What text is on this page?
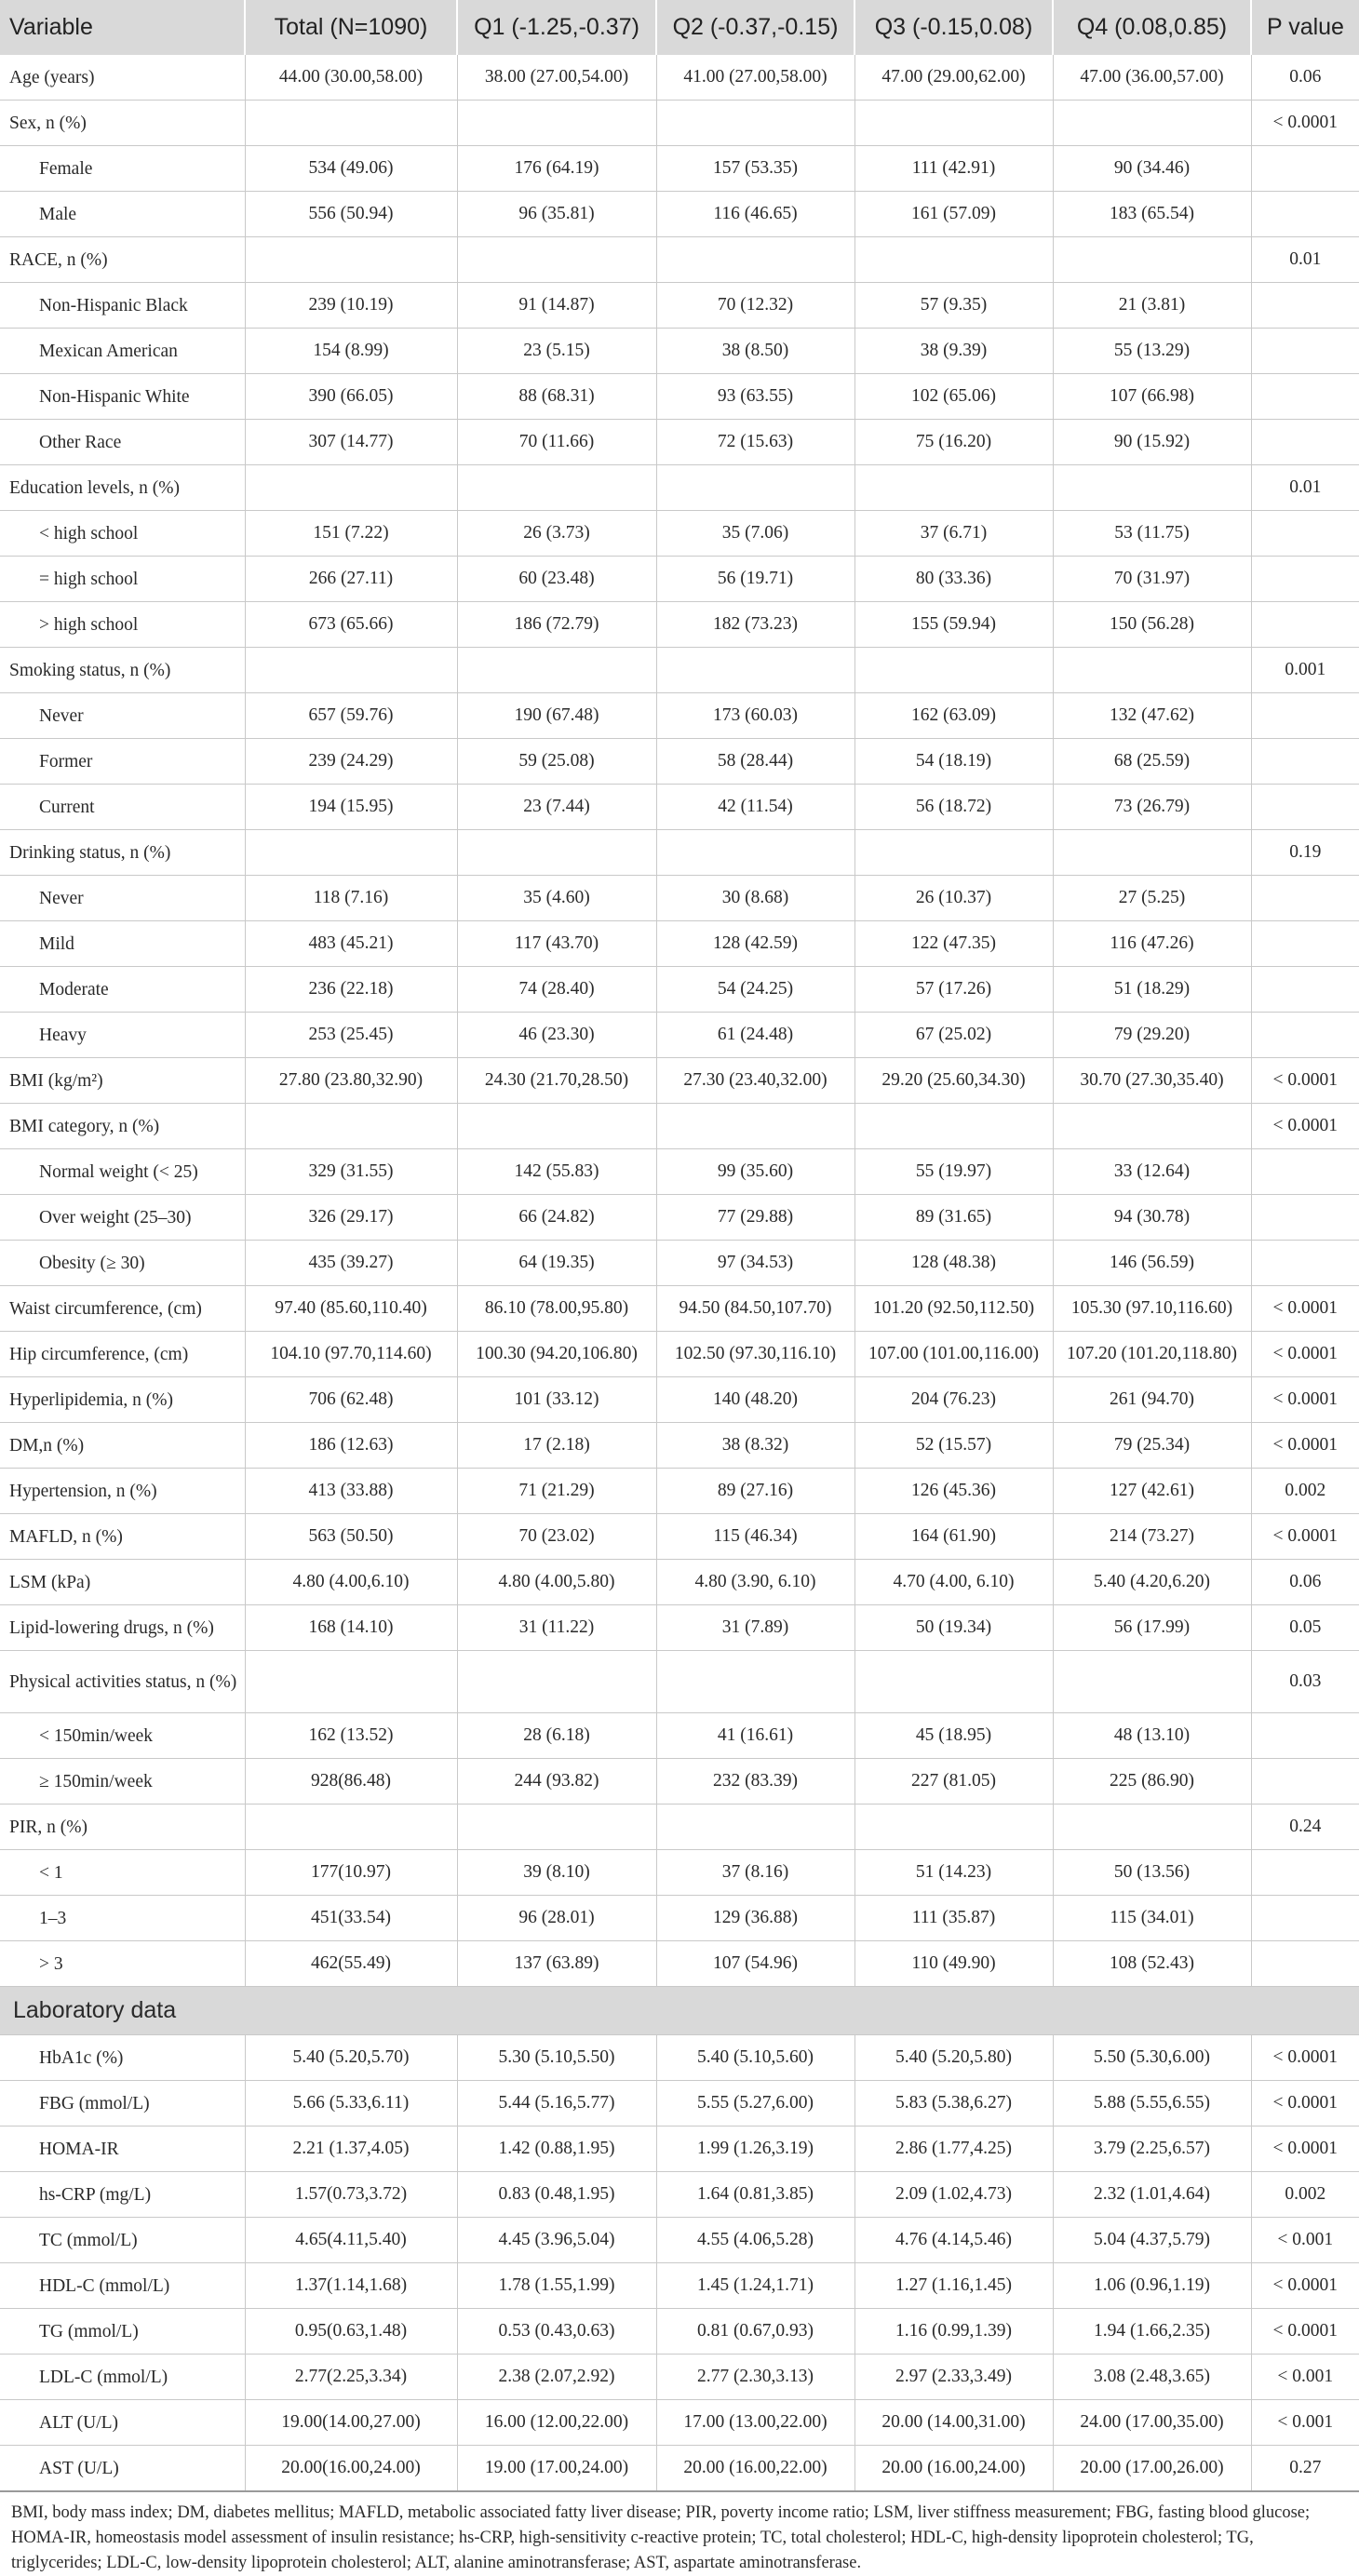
Variable	Total (N=1090)	Q1 (-1.25,-0.37)	Q2 (-0.37,-0.15)	Q3 (-0.15,0.08)	Q4 (0.08,0.85)	P value
Age (years)	44.00 (30.00,58.00)	38.00 (27.00,54.00)	41.00 (27.00,58.00)	47.00 (29.00,62.00)	47.00 (36.00,57.00)	0.06
Sex, n (%)						< 0.0001
Female	534 (49.06)	176 (64.19)	157 (53.35)	111 (42.91)	90 (34.46)	
Male	556 (50.94)	96 (35.81)	116 (46.65)	161 (57.09)	183 (65.54)	
RACE, n (%)						0.01
Non-Hispanic Black	239 (10.19)	91 (14.87)	70 (12.32)	57 (9.35)	21 (3.81)	
Mexican American	154 (8.99)	23 (5.15)	38 (8.50)	38 (9.39)	55 (13.29)	
Non-Hispanic White	390 (66.05)	88 (68.31)	93 (63.55)	102 (65.06)	107 (66.98)	
Other Race	307 (14.77)	70 (11.66)	72 (15.63)	75 (16.20)	90 (15.92)	
Education levels, n (%)						0.01
< high school	151 (7.22)	26 (3.73)	35 (7.06)	37 (6.71)	53 (11.75)	
= high school	266 (27.11)	60 (23.48)	56 (19.71)	80 (33.36)	70 (31.97)	
> high school	673 (65.66)	186 (72.79)	182 (73.23)	155 (59.94)	150 (56.28)	
Smoking status, n (%)						0.001
Never	657 (59.76)	190 (67.48)	173 (60.03)	162 (63.09)	132 (47.62)	
Former	239 (24.29)	59 (25.08)	58 (28.44)	54 (18.19)	68 (25.59)	
Current	194 (15.95)	23 (7.44)	42 (11.54)	56 (18.72)	73 (26.79)	
Drinking status, n (%)						0.19
Never	118 (7.16)	35 (4.60)	30 (8.68)	26 (10.37)	27 (5.25)	
Mild	483 (45.21)	117 (43.70)	128 (42.59)	122 (47.35)	116 (47.26)	
Moderate	236 (22.18)	74 (28.40)	54 (24.25)	57 (17.26)	51 (18.29)	
Heavy	253 (25.45)	46 (23.30)	61 (24.48)	67 (25.02)	79 (29.20)	
BMI (kg/m²)	27.80 (23.80,32.90)	24.30 (21.70,28.50)	27.30 (23.40,32.00)	29.20 (25.60,34.30)	30.70 (27.30,35.40)	< 0.0001
BMI category, n (%)						< 0.0001
Normal weight (< 25)	329 (31.55)	142 (55.83)	99 (35.60)	55 (19.97)	33 (12.64)	
Over weight (25–30)	326 (29.17)	66 (24.82)	77 (29.88)	89 (31.65)	94 (30.78)	
Obesity (≥ 30)	435 (39.27)	64 (19.35)	97 (34.53)	128 (48.38)	146 (56.59)	
Waist circumference, (cm)	97.40 (85.60,110.40)	86.10 (78.00,95.80)	94.50 (84.50,107.70)	101.20 (92.50,112.50)	105.30 (97.10,116.60)	< 0.0001
Hip circumference, (cm)	104.10 (97.70,114.60)	100.30 (94.20,106.80)	102.50 (97.30,116.10)	107.00 (101.00,116.00)	107.20 (101.20,118.80)	< 0.0001
Hyperlipidemia, n (%)	706 (62.48)	101 (33.12)	140 (48.20)	204 (76.23)	261 (94.70)	< 0.0001
DM,n (%)	186 (12.63)	17 (2.18)	38 (8.32)	52 (15.57)	79 (25.34)	< 0.0001
Hypertension, n (%)	413 (33.88)	71 (21.29)	89 (27.16)	126 (45.36)	127 (42.61)	0.002
MAFLD, n (%)	563 (50.50)	70 (23.02)	115 (46.34)	164 (61.90)	214 (73.27)	< 0.0001
LSM (kPa)	4.80 (4.00,6.10)	4.80 (4.00,5.80)	4.80 (3.90, 6.10)	4.70 (4.00, 6.10)	5.40 (4.20,6.20)	0.06
Lipid-lowering drugs, n (%)	168 (14.10)	31 (11.22)	31 (7.89)	50 (19.34)	56 (17.99)	0.05
Physical activities status, n (%)						0.03
< 150min/week	162 (13.52)	28 (6.18)	41 (16.61)	45 (18.95)	48 (13.10)	
≥ 150min/week	928(86.48)	244 (93.82)	232 (83.39)	227 (81.05)	225 (86.90)	
PIR, n (%)						0.24
< 1	177(10.97)	39 (8.10)	37 (8.16)	51 (14.23)	50 (13.56)	
1–3	451(33.54)	96 (28.01)	129 (36.88)	111 (35.87)	115 (34.01)	
> 3	462(55.49)	137 (63.89)	107 (54.96)	110 (49.90)	108 (52.43)	
Laboratory data						
HbA1c (%)	5.40 (5.20,5.70)	5.30 (5.10,5.50)	5.40 (5.10,5.60)	5.40 (5.20,5.80)	5.50 (5.30,6.00)	< 0.0001
FBG (mmol/L)	5.66 (5.33,6.11)	5.44 (5.16,5.77)	5.55 (5.27,6.00)	5.83 (5.38,6.27)	5.88 (5.55,6.55)	< 0.0001
HOMA-IR	2.21 (1.37,4.05)	1.42 (0.88,1.95)	1.99 (1.26,3.19)	2.86 (1.77,4.25)	3.79 (2.25,6.57)	< 0.0001
hs-CRP (mg/L)	1.57(0.73,3.72)	0.83 (0.48,1.95)	1.64 (0.81,3.85)	2.09 (1.02,4.73)	2.32 (1.01,4.64)	0.002
TC (mmol/L)	4.65(4.11,5.40)	4.45 (3.96,5.04)	4.55 (4.06,5.28)	4.76 (4.14,5.46)	5.04 (4.37,5.79)	< 0.001
HDL-C (mmol/L)	1.37(1.14,1.68)	1.78 (1.55,1.99)	1.45 (1.24,1.71)	1.27 (1.16,1.45)	1.06 (0.96,1.19)	< 0.0001
TG (mmol/L)	0.95(0.63,1.48)	0.53 (0.43,0.63)	0.81 (0.67,0.93)	1.16 (0.99,1.39)	1.94 (1.66,2.35)	< 0.0001
LDL-C (mmol/L)	2.77(2.25,3.34)	2.38 (2.07,2.92)	2.77 (2.30,3.13)	2.97 (2.33,3.49)	3.08 (2.48,3.65)	< 0.001
ALT (U/L)	19.00(14.00,27.00)	16.00 (12.00,22.00)	17.00 (13.00,22.00)	20.00 (14.00,31.00)	24.00 (17.00,35.00)	< 0.001
AST (U/L)	20.00(16.00,24.00)	19.00 (17.00,24.00)	20.00 (16.00,22.00)	20.00 (16.00,24.00)	20.00 (17.00,26.00)	0.27
BMI, body mass index; DM, diabetes mellitus; MAFLD, metabolic associated fatty liver disease; PIR, poverty income ratio; LSM, liver stiffness measurement; FBG, fasting blood glucose; HOMA-IR, homeostasis model assessment of insulin resistance; hs-CRP, high-sensitivity c-reactive protein; TC, total cholesterol; HDL-C, high-density lipoprotein cholesterol; TG, triglycerides; LDL-C, low-density lipoprotein cholesterol; ALT, alanine aminotransferase; AST, aspartate aminotransferase.
